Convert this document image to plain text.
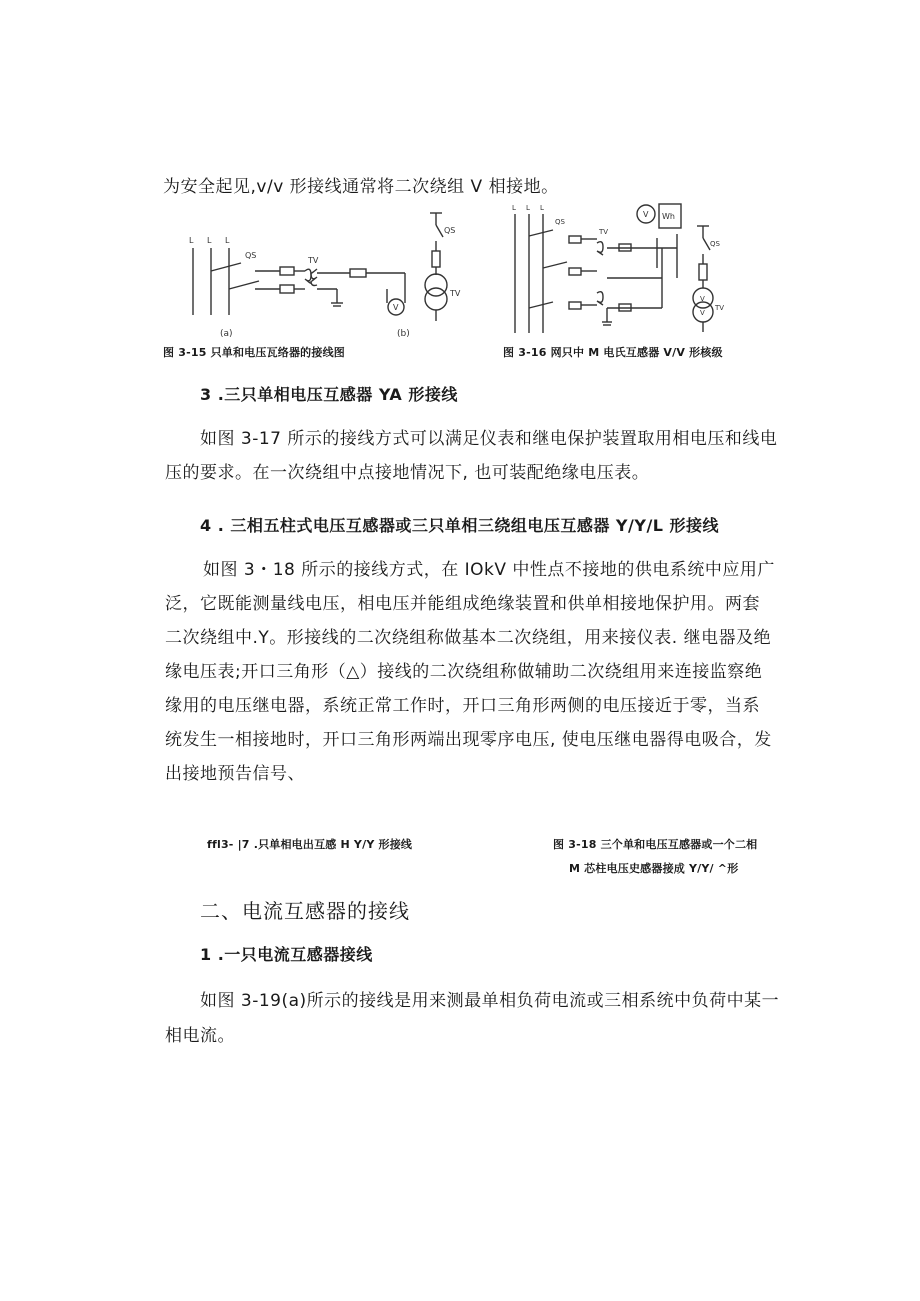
为安全起见,v/v 形接线通常将二次绕组 V 相接地。
L L L
QS
TV
V
(a)	(b)
QS
TV
L L L
QS
TV
V Wh
QS
TV
V
V
图 3-15 只单和电压瓦络器的接线图	图 3-16 网只中 M 电氏互感器 V/V 形核级
3 .三只单相电压互感器 YA 形接线
如图 3-17 所示的接线方式可以满足仪表和继电保护装置取用相电压和线电
压的要求。在一次绕组中点接地情况下, 也可装配绝缘电压表。
4 . 三相五柱式电压互感器或三只单相三绕组电压互感器 Y/Y/L 形接线
如图 3・18 所示的接线方式，在 IOkV 中性点不接地的供电系统中应用广
泛，它既能测量线电压，相电压并能组成绝缘装置和供单相接地保护用。两套
二次绕组中.Y。形接线的二次绕组称做基本二次绕组，用来接仪表. 继电器及绝
缘电压表;开口三角形（△）接线的二次绕组称做辅助二次绕组用来连接监察绝
缘用的电压继电器，系统正常工作时，开口三角形两侧的电压接近于零，当系
统发生一相接地时，开口三角形两端出现零序电压, 使电压继电器得电吸合，发
出接地预告信号、
ffl3- |7 .只单相电出互感 H Y/Y 形接线	图 3-18 三个单和电压互感器或一个二相
M 芯柱电压史感器接成 Y/Y/ ^形
二、电流互感器的接线
1 .一只电流互感器接线
如图 3-19(a)所示的接线是用来测最单相负荷电流或三相系统中负荷中某一
相电流。
